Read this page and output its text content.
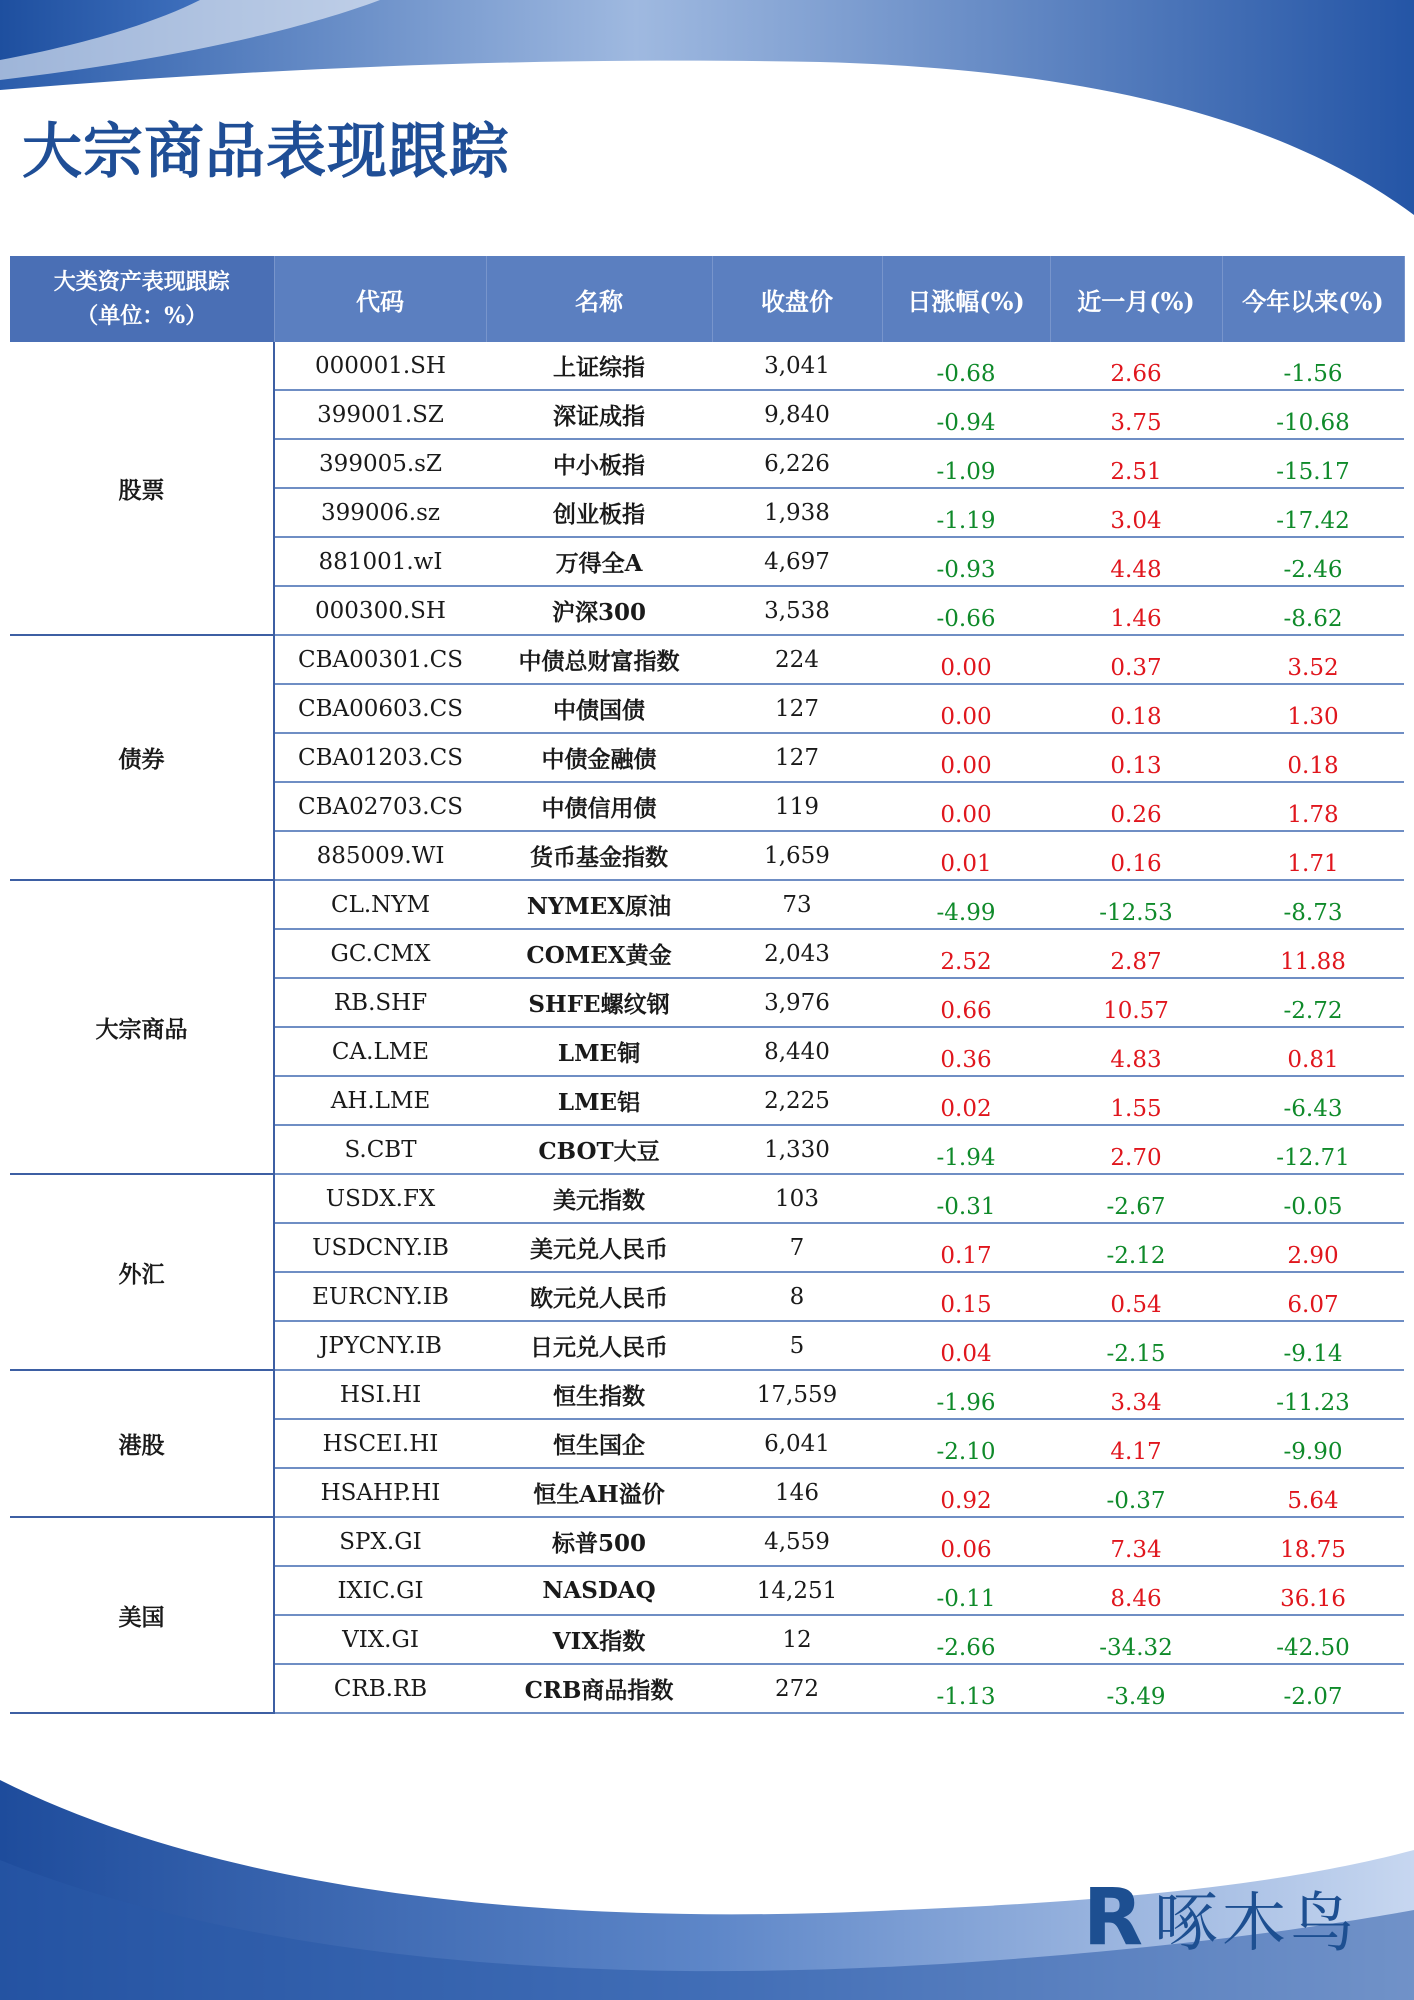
大宗商品表现跟踪
大类资产表现跟踪
（单位：%）	代码	名称	收盘价	日涨幅(%)	近一月(%)	今年以来(%)
股票	000001.SH	上证综指	3,041	-0.68	2.66	-1.56
	399001.SZ	深证成指	9,840	-0.94	3.75	-10.68
	399005.sZ	中小板指	6,226	-1.09	2.51	-15.17
	399006.sz	创业板指	1,938	-1.19	3.04	-17.42
	881001.wI	万得全A	4,697	-0.93	4.48	-2.46
	000300.SH	沪深300	3,538	-0.66	1.46	-8.62
债券	CBA00301.CS	中债总财富指数	224	0.00	0.37	3.52
	CBA00603.CS	中债国债	127	0.00	0.18	1.30
	CBA01203.CS	中债金融债	127	0.00	0.13	0.18
	CBA02703.CS	中债信用债	119	0.00	0.26	1.78
	885009.WI	货币基金指数	1,659	0.01	0.16	1.71
大宗商品	CL.NYM	NYMEX原油	73	-4.99	-12.53	-8.73
	GC.CMX	COMEX黄金	2,043	2.52	2.87	11.88
	RB.SHF	SHFE螺纹钢	3,976	0.66	10.57	-2.72
	CA.LME	LME铜	8,440	0.36	4.83	0.81
	AH.LME	LME铝	2,225	0.02	1.55	-6.43
	S.CBT	CBOT大豆	1,330	-1.94	2.70	-12.71
外汇	USDX.FX	美元指数	103	-0.31	-2.67	-0.05
	USDCNY.IB	美元兑人民币	7	0.17	-2.12	2.90
	EURCNY.IB	欧元兑人民币	8	0.15	0.54	6.07
	JPYCNY.IB	日元兑人民币	5	0.04	-2.15	-9.14
港股	HSI.HI	恒生指数	17,559	-1.96	3.34	-11.23
	HSCEI.HI	恒生国企	6,041	-2.10	4.17	-9.90
	HSAHP.HI	恒生AH溢价	146	0.92	-0.37	5.64
美国	SPX.GI	标普500	4,559	0.06	7.34	18.75
	IXIC.GI	NASDAQ	14,251	-0.11	8.46	36.16
	VIX.GI	VIX指数	12	-2.66	-34.32	-42.50
	CRB.RB	CRB商品指数	272	-1.13	-3.49	-2.07
R 啄木鸟
